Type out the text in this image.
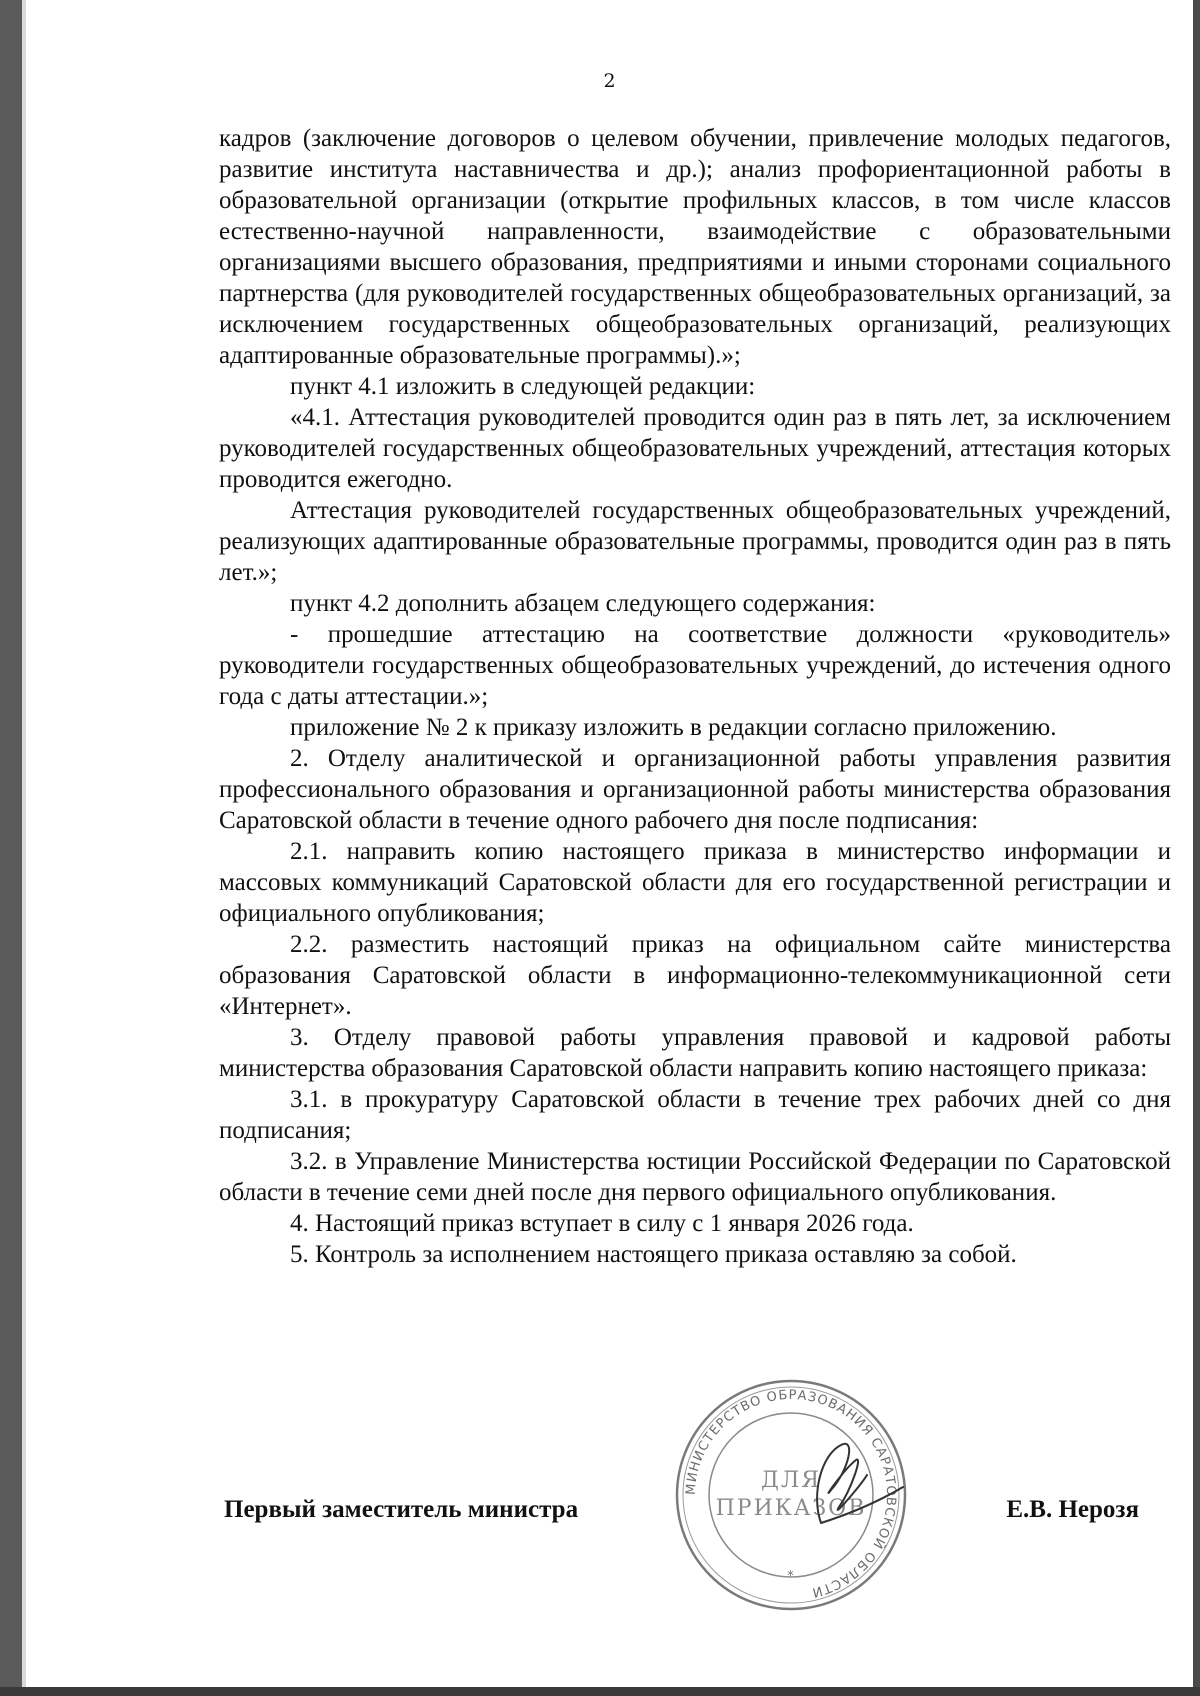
2

кадров (заключение договоров о целевом обучении, привлечение молодых педагогов, развитие института наставничества и др.); анализ профориентационной работы в образовательной организации (открытие профильных классов, в том числе классов естественно-научной направленности, взаимодействие с образовательными организациями высшего образования, предприятиями и иными сторонами социального партнерства (для руководителей государственных общеобразовательных организаций, за исключением государственных общеобразовательных организаций, реализующих адаптированные образовательные программы).»;

пункт 4.1 изложить в следующей редакции:

«4.1. Аттестация руководителей проводится один раз в пять лет, за исключением руководителей государственных общеобразовательных учреждений, аттестация которых проводится ежегодно.

Аттестация руководителей государственных общеобразовательных учреждений, реализующих адаптированные образовательные программы, проводится один раз в пять лет.»;

пункт 4.2 дополнить абзацем следующего содержания:

- прошедшие аттестацию на соответствие должности «руководитель» руководители государственных общеобразовательных учреждений, до истечения одного года с даты аттестации.»;

приложение № 2 к приказу изложить в редакции согласно приложению.

2. Отделу аналитической и организационной работы управления развития профессионального образования и организационной работы министерства образования Саратовской области в течение одного рабочего дня после подписания:

2.1. направить копию настоящего приказа в министерство информации и массовых коммуникаций Саратовской области для его государственной регистрации и официального опубликования;

2.2. разместить настоящий приказ на официальном сайте министерства образования Саратовской области в информационно-телекоммуникационной сети «Интернет».

3. Отделу правовой работы управления правовой и кадровой работы министерства образования Саратовской области направить копию настоящего приказа:

3.1. в прокуратуру Саратовской области в течение трех рабочих дней со дня подписания;

3.2. в Управление Министерства юстиции Российской Федерации по Саратовской области в течение семи дней после дня первого официального опубликования.

4. Настоящий приказ вступает в силу с 1 января 2026 года.

5. Контроль за исполнением настоящего приказа оставляю за собой.

Первый заместитель министра	Е.В. Нерозя
МИНИСТЕРСТВО ОБРАЗОВАНИЯ САРАТОВСКОЙ ОБЛАСТИ
ДЛЯ
ПРИКАЗОВ
*
